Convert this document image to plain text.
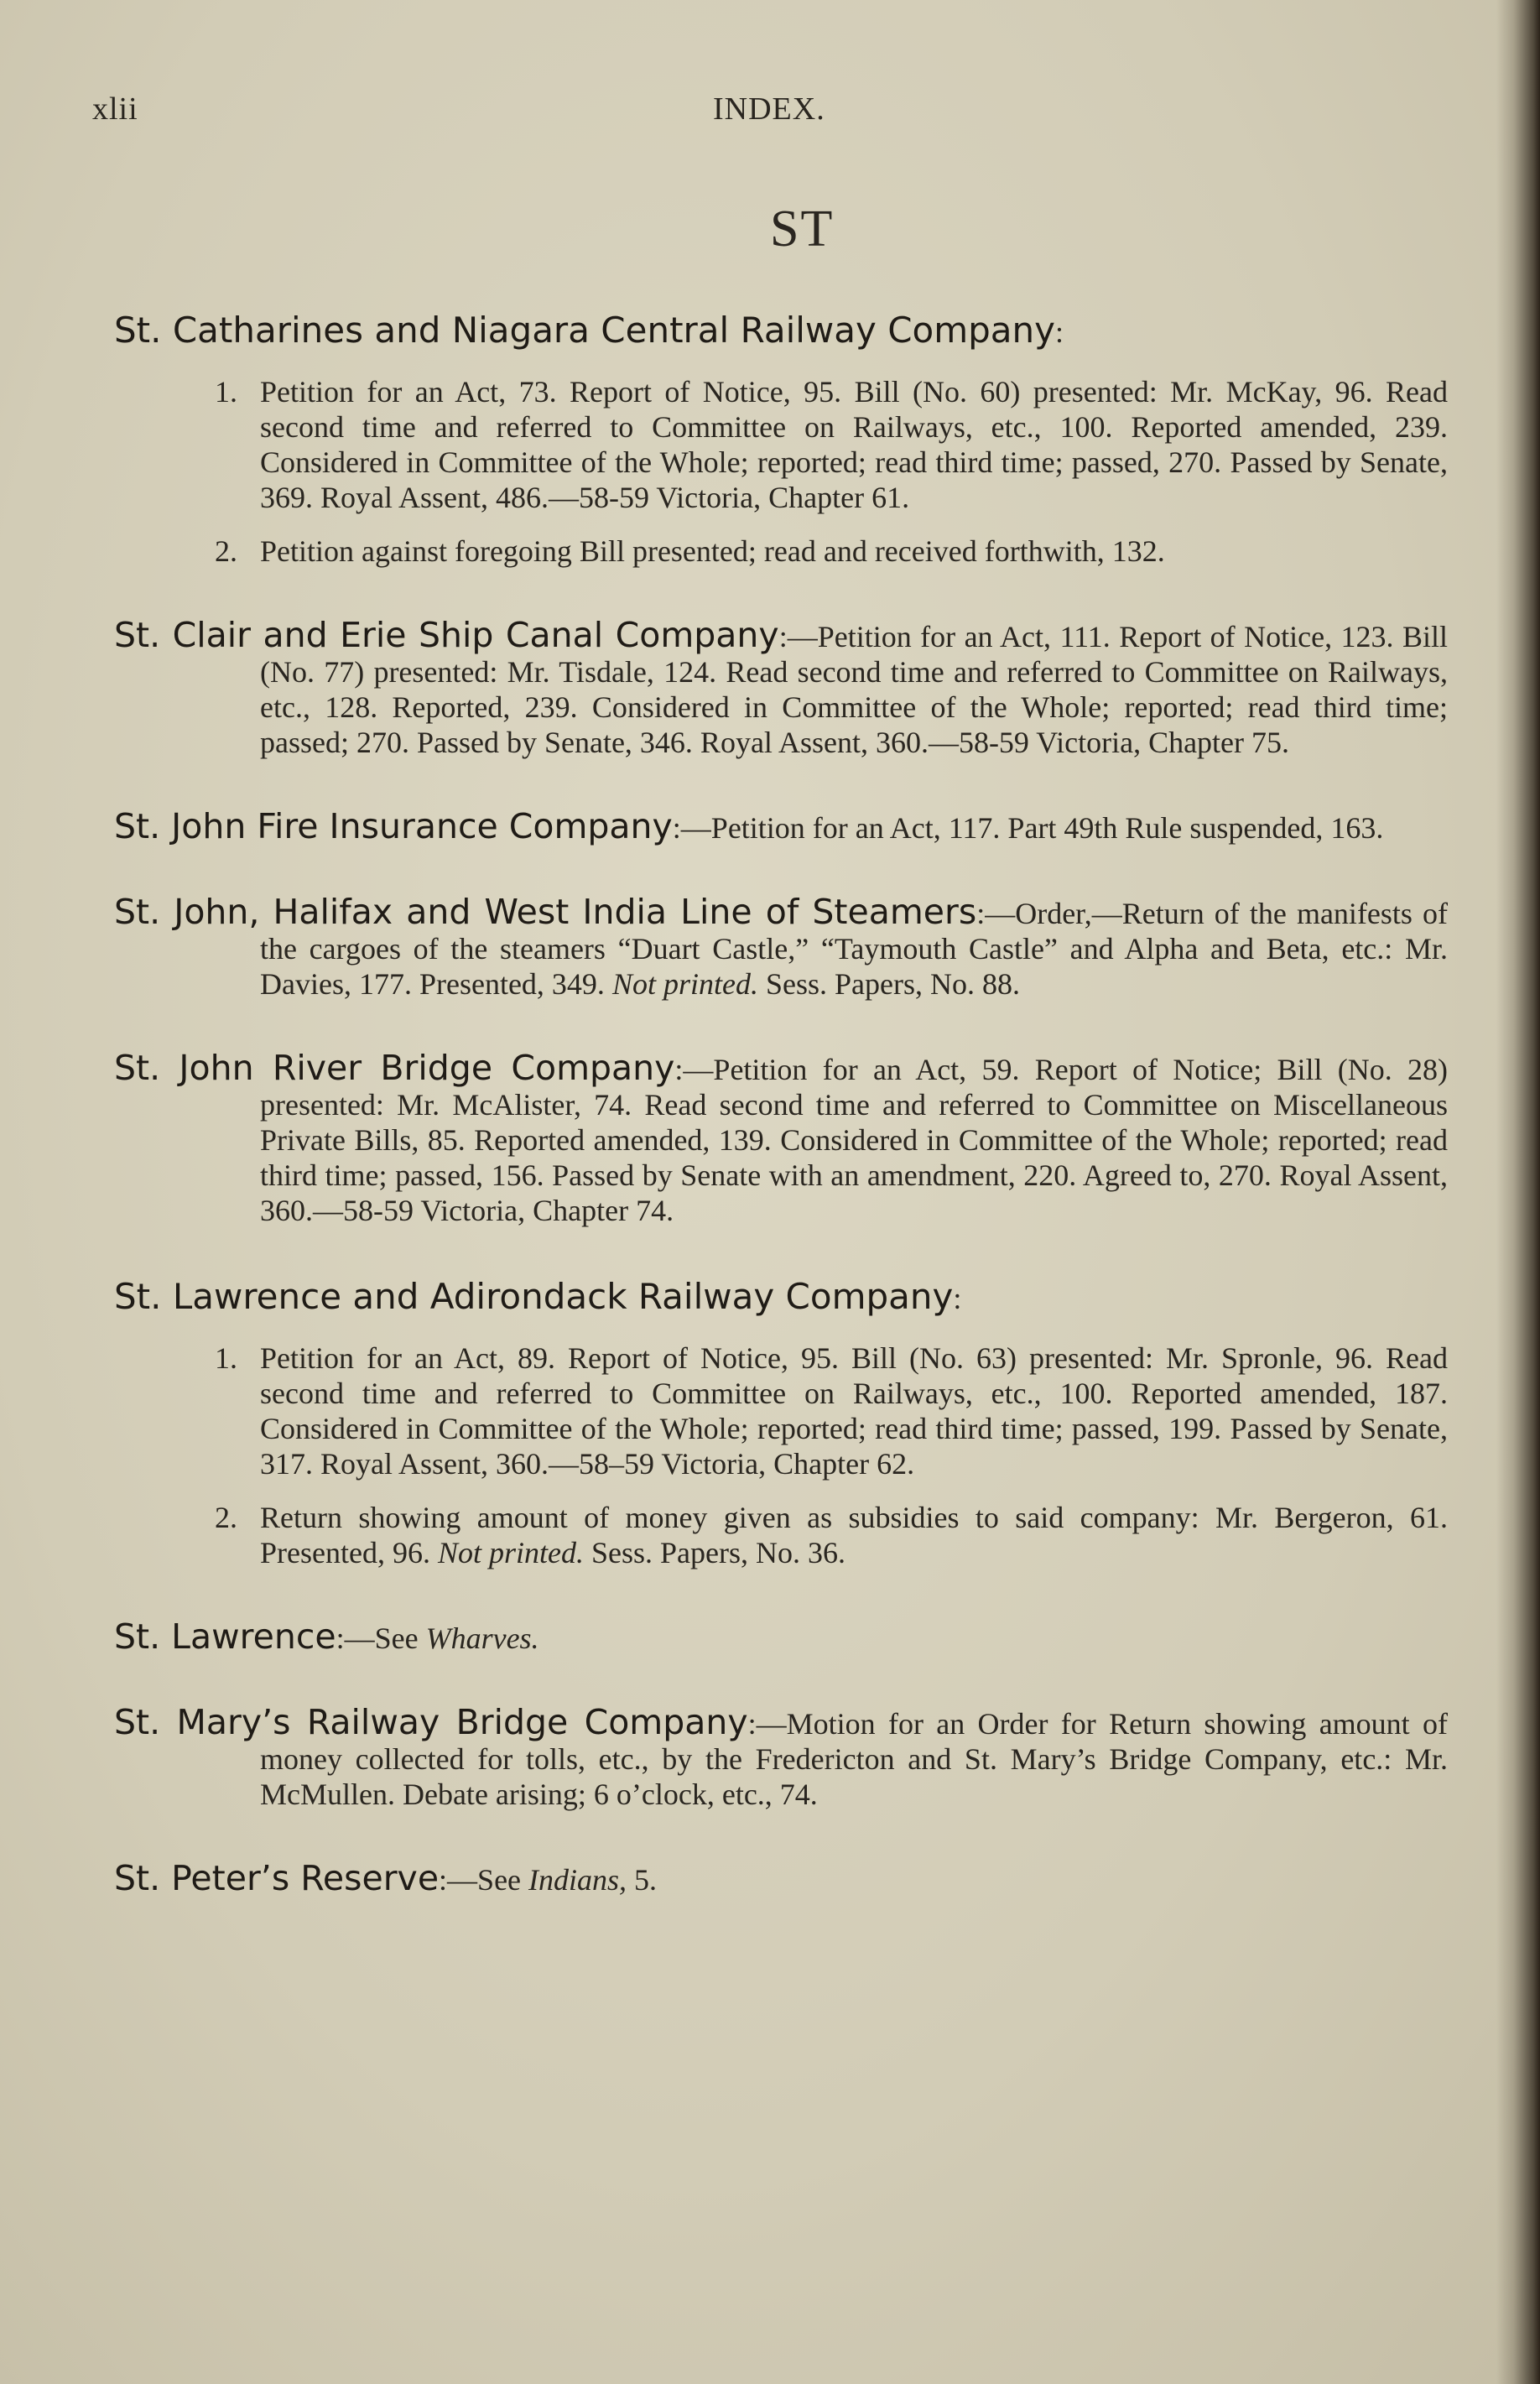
xlii	INDEX.
ST
St. Catharines and Niagara Central Railway Company:

1. Petition for an Act, 73. Report of Notice, 95. Bill (No. 60) presented: Mr. McKay, 96. Read second time and referred to Committee on Railways, etc., 100. Reported amended, 239. Considered in Committee of the Whole; reported; read third time; passed, 270. Passed by Senate, 369. Royal Assent, 486.—58-59 Victoria, Chapter 61.

2. Petition against foregoing Bill presented; read and received forthwith, 132.

St. Clair and Erie Ship Canal Company:—Petition for an Act, 111. Report of Notice, 123. Bill (No. 77) presented: Mr. Tisdale, 124. Read second time and referred to Committee on Railways, etc., 128. Reported, 239. Considered in Committee of the Whole; reported; read third time; passed; 270. Passed by Senate, 346. Royal Assent, 360.—58-59 Victoria, Chapter 75.
St. John Fire Insurance Company:—Petition for an Act, 117. Part 49th Rule suspended, 163.
St. John, Halifax and West India Line of Steamers:—Order,—Return of the manifests of the cargoes of the steamers “Duart Castle,” “Taymouth Castle” and Alpha and Beta, etc.: Mr. Davies, 177. Presented, 349. Not printed. Sess. Papers, No. 88.
St. John River Bridge Company:—Petition for an Act, 59. Report of Notice; Bill (No. 28) presented: Mr. McAlister, 74. Read second time and referred to Committee on Miscellaneous Private Bills, 85. Reported amended, 139. Considered in Committee of the Whole; reported; read third time; passed, 156. Passed by Senate with an amendment, 220. Agreed to, 270. Royal Assent, 360.—58-59 Victoria, Chapter 74.
St. Lawrence and Adirondack Railway Company:

1. Petition for an Act, 89. Report of Notice, 95. Bill (No. 63) presented: Mr. Spronle, 96. Read second time and referred to Committee on Railways, etc., 100. Reported amended, 187. Considered in Committee of the Whole; reported; read third time; passed, 199. Passed by Senate, 317. Royal Assent, 360.—58–59 Victoria, Chapter 62.

2. Return showing amount of money given as subsidies to said company: Mr. Bergeron, 61. Presented, 96. Not printed. Sess. Papers, No. 36.

St. Lawrence:—See Wharves.
St. Mary’s Railway Bridge Company:—Motion for an Order for Return showing amount of money collected for tolls, etc., by the Fredericton and St. Mary’s Bridge Company, etc.: Mr. McMullen. Debate arising; 6 o’clock, etc., 74.
St. Peter’s Reserve:—See Indians, 5.
